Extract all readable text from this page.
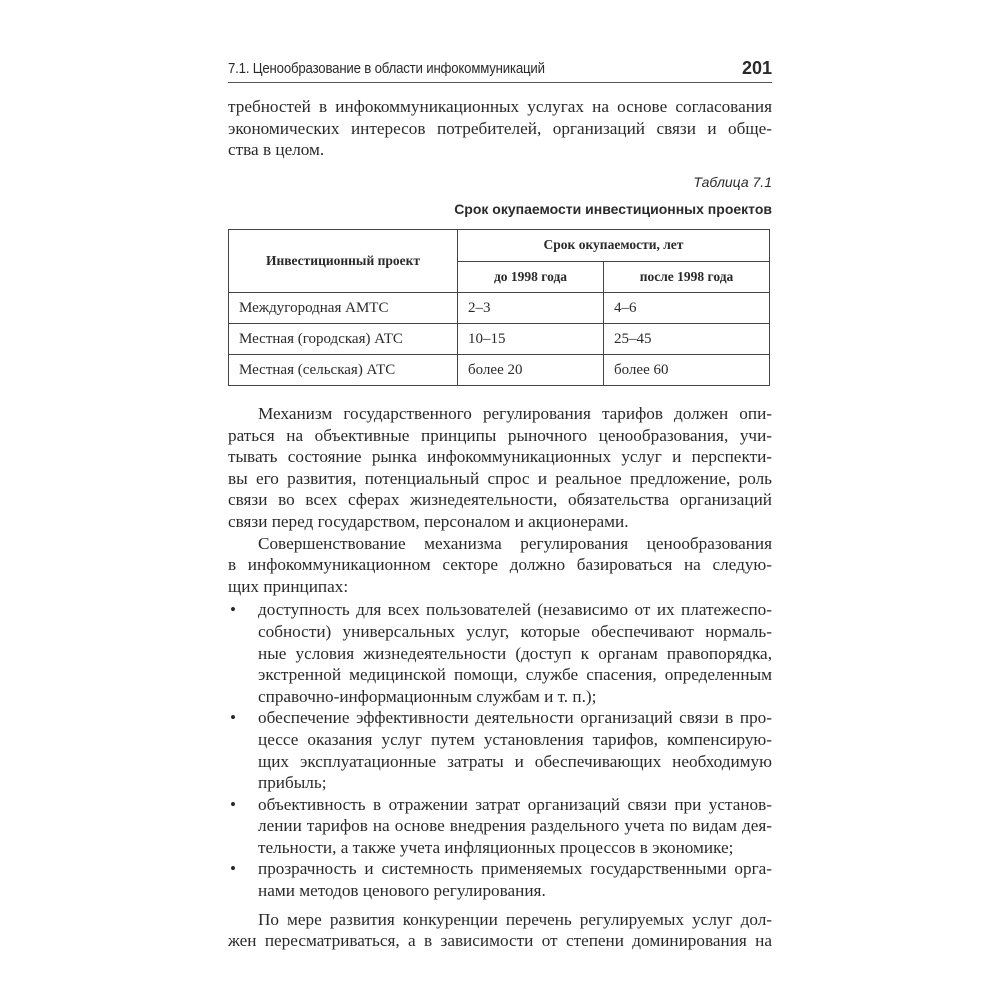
7.1. Ценообразование в области инфокоммуникаций	201
требностей в инфокоммуникационных услугах на основе согласования
экономических интересов потребителей, организаций связи и обще-
ства в целом.
Таблица 7.1
Срок окупаемости инвестиционных проектов
Инвестиционный проект	Срок окупаемости, лет	
	до 1998 года	после 1998 года
Междугородная АМТС	2–3	4–6
Местная (городская) АТС	10–15	25–45
Местная (сельская) АТС	более 20	более 60
Механизм государственного регулирования тарифов должен опи-
раться на объективные принципы рыночного ценообразования, учи-
тывать состояние рынка инфокоммуникационных услуг и перспекти-
вы его развития, потенциальный спрос и реальное предложение, роль
связи во всех сферах жизнедеятельности, обязательства организаций
связи перед государством, персоналом и акционерами.
Совершенствование механизма регулирования ценообразования
в инфокоммуникационном секторе должно базироваться на следую-
щих принципах:
• доступность для всех пользователей (независимо от их платежеспо-
собности) универсальных услуг, которые обеспечивают нормаль-
ные условия жизнедеятельности (доступ к органам правопорядка,
экстренной медицинской помощи, службе спасения, определенным
справочно-информационным службам и т. п.);
• обеспечение эффективности деятельности организаций связи в про-
цессе оказания услуг путем установления тарифов, компенсирую-
щих эксплуатационные затраты и обеспечивающих необходимую
прибыль;
• объективность в отражении затрат организаций связи при установ-
лении тарифов на основе внедрения раздельного учета по видам дея-
тельности, а также учета инфляционных процессов в экономике;
• прозрачность и системность применяемых государственными орга-
нами методов ценового регулирования.
По мере развития конкуренции перечень регулируемых услуг дол-
жен пересматриваться, а в зависимости от степени доминирования на
